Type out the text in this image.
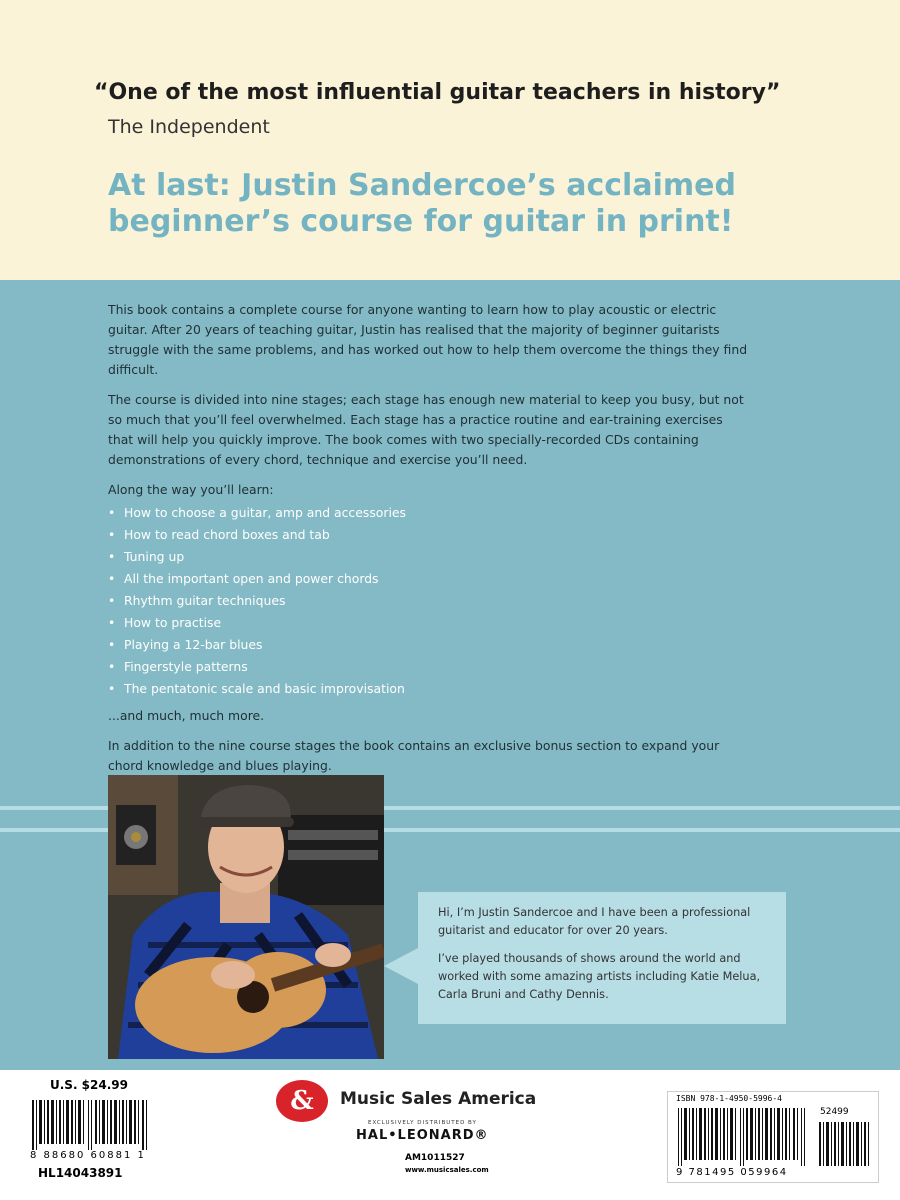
“One of the most influential guitar teachers in history”
The Independent
At last: Justin Sandercoe’s acclaimed
beginner’s course for guitar in print!

This book contains a complete course for anyone wanting to learn how to play acoustic or electric guitar. After 20 years of teaching guitar, Justin has realised that the majority of beginner guitarists struggle with the same problems, and has worked out how to help them overcome the things they find difficult.

The course is divided into nine stages; each stage has enough new material to keep you busy, but not so much that you’ll feel overwhelmed. Each stage has a practice routine and ear-training exercises that will help you quickly improve. The book comes with two specially-recorded CDs containing demonstrations of every chord, technique and exercise you’ll need.

Along the way you’ll learn:

• How to choose a guitar, amp and accessories
• How to read chord boxes and tab
• Tuning up
• All the important open and power chords
• Rhythm guitar techniques
• How to practise
• Playing a 12-bar blues
• Fingerstyle patterns
• The pentatonic scale and basic improvisation

...and much, much more.

In addition to the nine course stages the book contains an exclusive bonus section to expand your chord knowledge and blues playing.

Hi, I’m Justin Sandercoe and I have been a professional guitarist and educator for over 20 years.

I’ve played thousands of shows around the world and worked with some amazing artists including Katie Melua, Carla Bruni and Cathy Dennis.

U.S. $24.99
8 88680 60881 1
HL14043891
&	Music Sales America
EXCLUSIVELY DISTRIBUTED BY
HAL•LEONARD®
AM1011527
www.musicsales.com
ISBN 978-1-4950-5996-4
52499
9 781495 059964
